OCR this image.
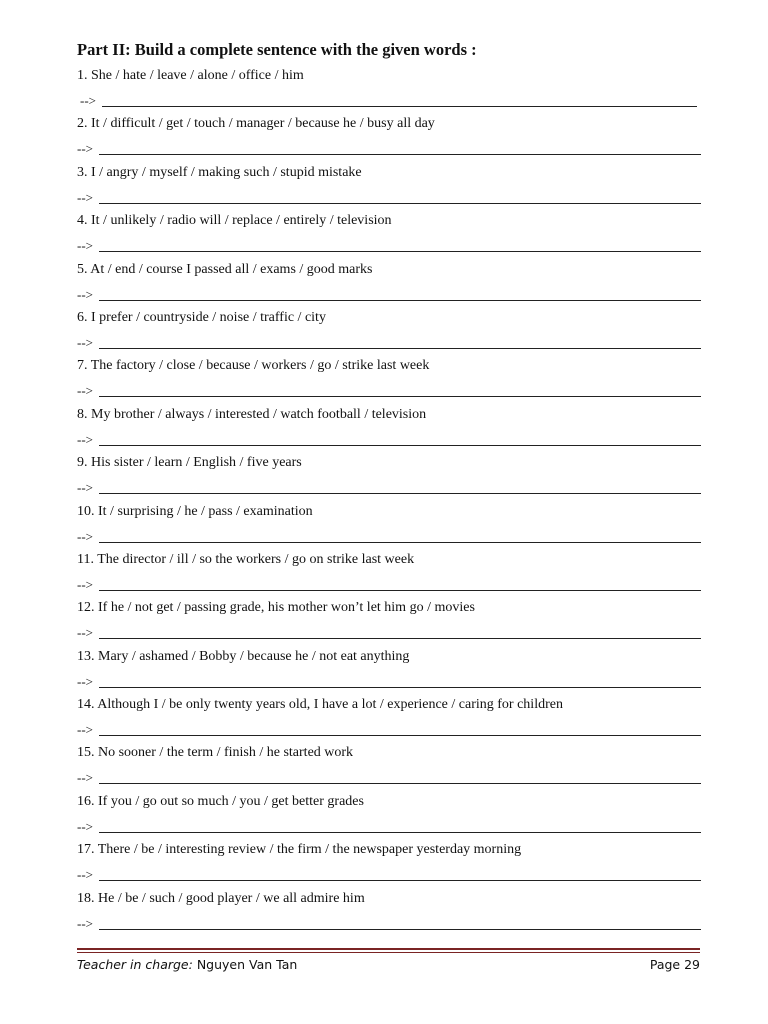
Part II: Build a complete sentence with the given words :
1. She / hate / leave / alone / office / him
-->
2. It / difficult / get / touch / manager / because he / busy all day
-->
3. I / angry / myself / making such / stupid mistake
-->
4. It / unlikely / radio will / replace / entirely / television
-->
5. At / end / course I passed all / exams / good marks
-->
6. I prefer / countryside / noise / traffic / city
-->
7. The factory / close / because / workers / go / strike last week
-->
8. My brother / always / interested / watch football / television
-->
9. His sister / learn / English / five years
-->
10. It / surprising / he / pass / examination
-->
11. The director / ill / so the workers / go on strike last week
-->
12. If he / not get / passing grade, his mother won’t let him go / movies
-->
13. Mary / ashamed / Bobby / because he / not eat anything
-->
14. Although I / be only twenty years old, I have a lot / experience / caring for children
-->
15. No sooner / the term / finish / he started work
-->
16. If you / go out so much / you / get better grades
-->
17. There / be / interesting review / the firm / the newspaper yesterday morning
-->
18. He / be / such / good player / we all admire him
-->
Teacher in charge: Nguyen Van Tan	Page 29
